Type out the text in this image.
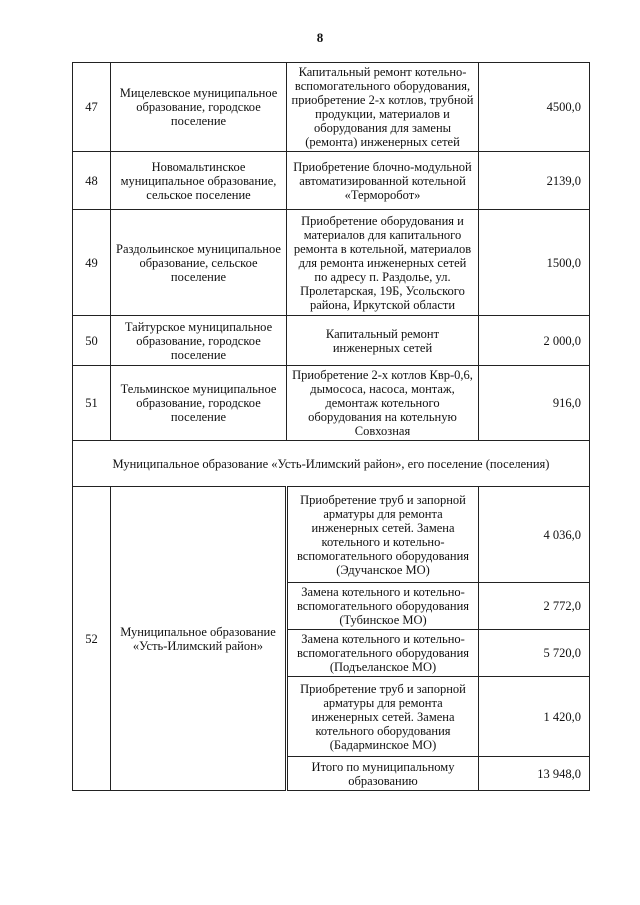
8
47	Мицелевское муниципальное образование, городское поселение	Капитальный ремонт котельно-вспомогательного оборудования, приобретение 2-х котлов, трубной продукции, материалов и оборудования для замены (ремонта) инженерных сетей	4500,0
48	Новомальтинское муниципальное образование, сельское поселение	Приобретение блочно-модульной автоматизированной котельной «Терморобот»	2139,0
49	Раздольинское муниципальное образование, сельское поселение	Приобретение оборудования и материалов для капитального ремонта в котельной, материалов для ремонта инженерных сетей по адресу п. Раздолье, ул. Пролетарская, 19Б, Усольского района, Иркутской области	1500,0
50	Тайтурское муниципальное образование, городское поселение	Капитальный ремонт инженерных сетей	2 000,0
51	Тельминское муниципальное образование, городское поселение	Приобретение 2-х котлов Квр-0,6, дымососа, насоса, монтаж, демонтаж котельного оборудования на котельную Совхозная	916,0
Муниципальное образование «Усть-Илимский район», его поселение (поселения)			
52	Муниципальное образование «Усть-Илимский район»	Приобретение труб и запорной арматуры для ремонта инженерных сетей. Замена котельного и котельно-вспомогательного оборудования (Эдучанское МО)	4 036,0
		Замена котельного и котельно-вспомогательного оборудования (Тубинское МО)	2 772,0
		Замена котельного и котельно-вспомогательного оборудования (Подъеланское МО)	5 720,0
		Приобретение труб и запорной арматуры для ремонта инженерных сетей. Замена котельного оборудования (Бадарминское МО)	1 420,0
		Итого по муниципальному образованию	13 948,0
